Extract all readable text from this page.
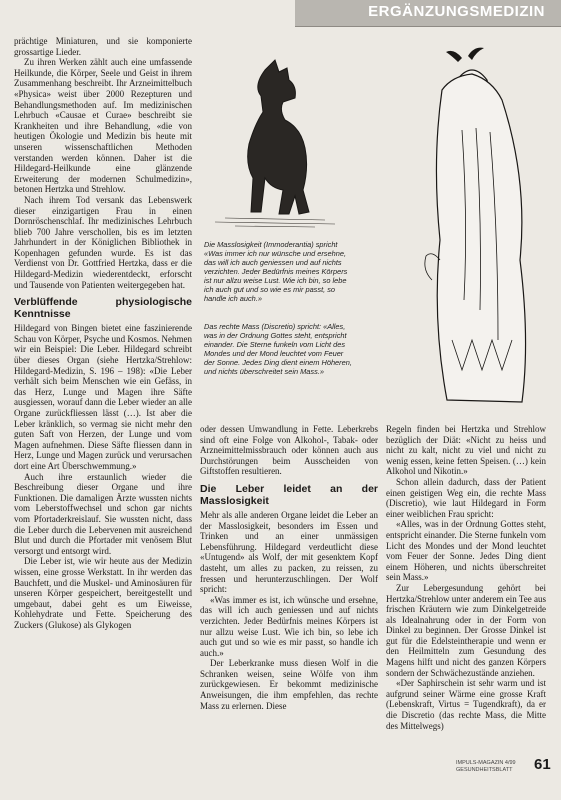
ERGÄNZUNGSMEDIZIN

prächtige Miniaturen, und sie komponierte grossartige Lieder.

Zu ihren Werken zählt auch eine umfassende Heilkunde, die Körper, Seele und Geist in ihrem Zusammenhang beschreibt. Ihr Arzneimittelbuch «Physica» weist über 2000 Rezepturen und Behandlungsmethoden auf. Im medizinischen Lehrbuch «Causae et Curae» beschreibt sie Krankheiten und ihre Behandlung, «die von heutigen Ökologie und Medizin bis heute mit unseren wissenschaftlichen Methoden verstanden werden können. Daher ist die Hildegard-Heilkunde eine glänzende Erweiterung der modernen Schulmedizin», betonen Hertzka und Strehlow.

Nach ihrem Tod versank das Lebenswerk dieser einzigartigen Frau in einen Dornröschenschlaf. Ihr medizinisches Lehrbuch blieb 700 Jahre verschollen, bis es im letzten Jahrhundert in der Königlichen Bibliothek in Kopenhagen gefunden wurde. Es ist das Verdienst von Dr. Gottfried Hertzka, dass er die Hildegard-Medizin wiederentdeckt, erforscht und Tausende von Patienten weitergegeben hat.

Verblüffende physiologische Kenntnisse

Hildegard von Bingen bietet eine faszinierende Schau von Körper, Psyche und Kosmos. Nehmen wir ein Beispiel: Die Leber. Hildegard schreibt über dieses Organ (siehe Hertzka/Strehlow: Hildegard-Medizin, S. 196 – 198): «Die Leber verhält sich beim Menschen wie ein Gefäss, in das Herz, Lunge und Magen ihre Säfte ausgiessen, worauf dann die Leber wieder an alle Organe zurückfliessen lässt (…). Ist aber die Leber kränklich, so vermag sie nicht mehr den guten Saft von Herzen, der Lunge und vom Magen aufnehmen. Diese Säfte fliessen dann in Herz, Lunge und Magen zurück und verursachen dort eine Art Überschwemmung.»

Auch ihre erstaunlich wieder die Beschreibung dieser Organe und ihre Funktionen. Die damaligen Ärzte wussten nichts vom Leberstoffwechsel und schon gar nichts vom Pfortaderkreislauf. Sie wussten nicht, dass die Leber durch die Lebervenen mit ausreichend Blut und durch die Pfortader mit venösem Blut versorgt und entsorgt wird.

Die Leber ist, wie wir heute aus der Medizin wissen, eine grosse Werkstatt. In ihr werden das Bauchfett, und die Muskel- und Aminosäuren für unseren Körper gespeichert, bereitgestellt und umgebaut, dabei geht es um Eiweisse, Kohlehydrate und Fette. Speicherung des Zuckers (Glukose) als Glykogen

Die Masslosigkeit (Immoderantia) spricht «Was immer ich nur wünsche und ersehne, das will ich auch geniessen und auf nichts verzichten. Jeder Bedürfnis meines Körpers ist nur allzu weise Lust. Wie ich bin, so lebe ich auch gut und so wie es mir passt, so handle ich auch.»
Das rechte Mass (Discretio) spricht: «Alles, was in der Ordnung Gottes steht, entspricht einander. Die Sterne funkeln vom Licht des Mondes und der Mond leuchtet vom Feuer der Sonne. Jedes Ding dient einem Höheren, und nichts überschreitet sein Mass.»

oder dessen Umwandlung in Fette. Leberkrebs sind oft eine Folge von Alkohol-, Tabak- oder Arzneimittelmissbrauch oder können auch aus Durchstörungen beim Ausscheiden von Giftstoffen resultieren.

Die Leber leidet an der Masslosigkeit

Mehr als alle anderen Organe leidet die Leber an der Masslosigkeit, besonders im Essen und Trinken und an einer unmässigen Lebensführung. Hildegard verdeutlicht diese «Untugend» als Wolf, der mit gesenktem Kopf dasteht, um alles zu packen, zu reissen, zu fressen und herunterzuschlingen. Der Wolf spricht:

«Was immer es ist, ich wünsche und ersehne, das will ich auch geniessen und auf nichts verzichten. Jeder Bedürfnis meines Körpers ist nur allzu weise Lust. Wie ich bin, so lebe ich auch gut und so wie es mir passt, so handle ich auch.»

Der Leberkranke muss diesen Wolf in die Schranken weisen, seine Wölfe von ihm zurückgewiesen. Er bekommt medizinische Anweisungen, die ihm empfehlen, das rechte Mass zu erlernen. Diese

Regeln finden bei Hertzka und Strehlow bezüglich der Diät: «Nicht zu heiss und nicht zu kalt, nicht zu viel und nicht zu wenig essen, keine fetten Speisen. (…) kein Alkohol und Nikotin.»

Schon allein dadurch, dass der Patient einen geistigen Weg ein, die rechte Mass (Discretio), wie laut Hildegard in Form einer weiblichen Frau spricht:

«Alles, was in der Ordnung Gottes steht, entspricht einander. Die Sterne funkeln vom Licht des Mondes und der Mond leuchtet vom Feuer der Sonne. Jedes Ding dient einem Höheren, und nichts überschreitet sein Mass.»

Zur Lebergesundung gehört bei Hertzka/Strehlow unter anderem ein Tee aus frischen Kräutern wie zum Dinkelgetreide als Idealnahrung oder in der Form von Dinkel zu beginnen. Der Grosse Dinkel ist gut für die Edelsteintherapie und wenn er den Heilmitteln zum Gesundung des Magens hilft und nicht des ganzen Körpers sondern der Schwächezustände anziehen.

«Der Saphirschein ist sehr warm und ist aufgrund seiner Wärme eine grosse Kraft (Lebenskraft, Virtus = Tugendkraft), da er die Discretio (das rechte Mass, die Mitte des Mittelwegs)

IMPULS-MAGAZIN 4/99 GESUNDHEITSBLATT	61
